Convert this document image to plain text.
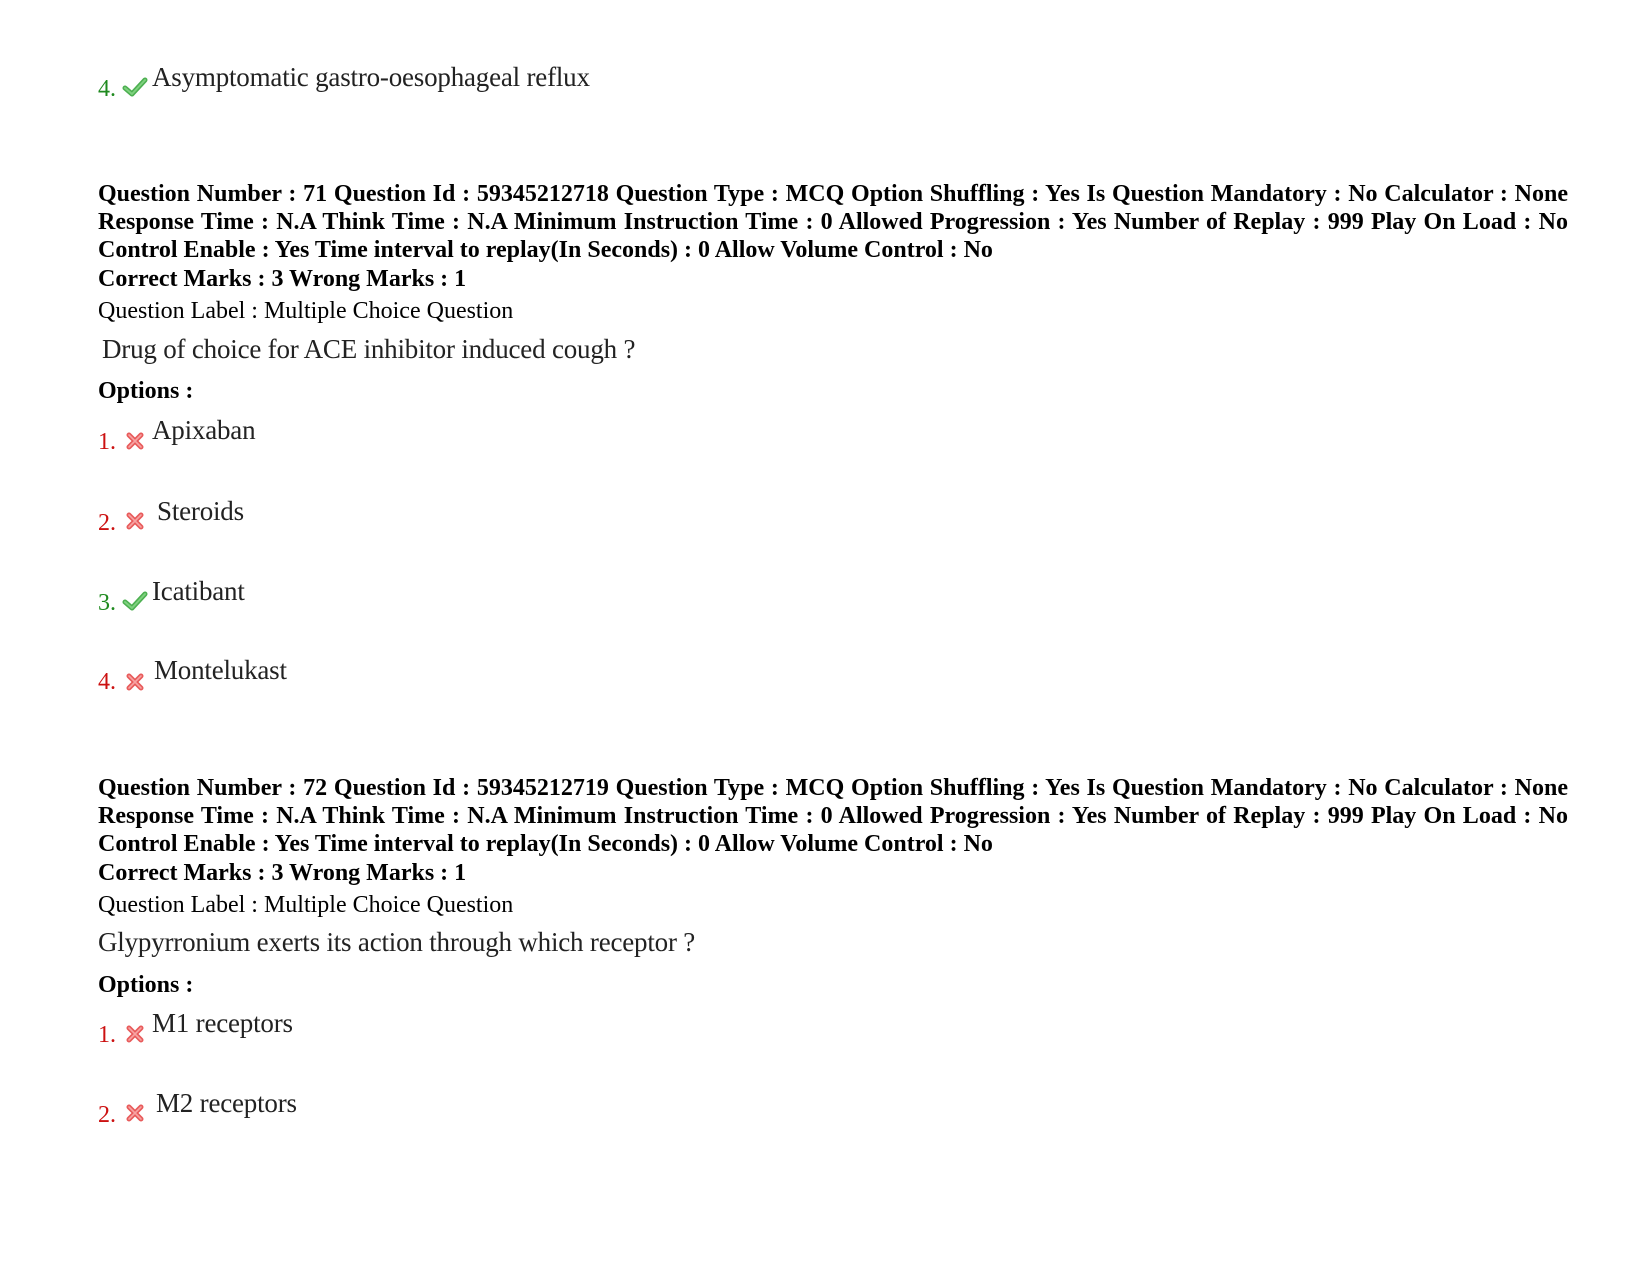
4. Asymptomatic gastro-oesophageal reflux
Question Number : 71 Question Id : 59345212718 Question Type : MCQ Option Shuffling : Yes Is Question Mandatory : No Calculator : None Response Time : N.A Think Time : N.A Minimum Instruction Time : 0 Allowed Progression : Yes Number of Replay : 999 Play On Load : No Control Enable : Yes Time interval to replay(In Seconds) : 0 Allow Volume Control : No
Correct Marks : 3 Wrong Marks : 1
Question Label : Multiple Choice Question
Drug of choice for ACE inhibitor induced cough ?
Options :
1. Apixaban
2. Steroids
3. Icatibant
4. Montelukast
Question Number : 72 Question Id : 59345212719 Question Type : MCQ Option Shuffling : Yes Is Question Mandatory : No Calculator : None Response Time : N.A Think Time : N.A Minimum Instruction Time : 0 Allowed Progression : Yes Number of Replay : 999 Play On Load : No Control Enable : Yes Time interval to replay(In Seconds) : 0 Allow Volume Control : No
Correct Marks : 3 Wrong Marks : 1
Question Label : Multiple Choice Question
Glypyrronium exerts its action through which receptor ?
Options :
1. M1 receptors
2. M2 receptors
